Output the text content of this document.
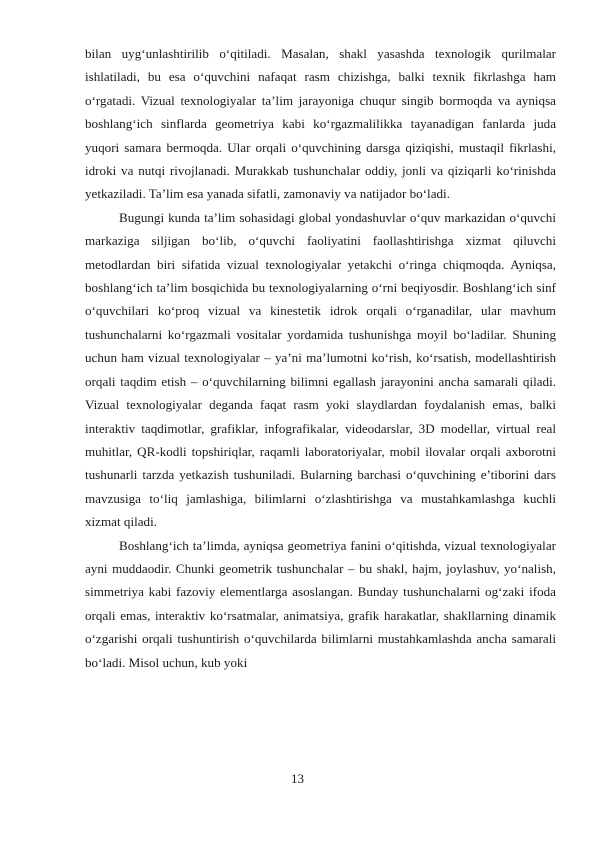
bilan uyg‘unlashtirilib o‘qitiladi. Masalan, shakl yasashda texnologik qurilmalar ishlatiladi, bu esa o‘quvchini nafaqat rasm chizishga, balki texnik fikrlashga ham o‘rgatadi. Vizual texnologiyalar ta’lim jarayoniga chuqur singib bormoqda va ayniqsa boshlang‘ich sinflarda geometriya kabi ko‘rgazmalilikka tayanadigan fanlarda juda yuqori samara bermoqda. Ular orqali o‘quvchining darsga qiziqishi, mustaqil fikrlashi, idroki va nutqi rivojlanadi. Murakkab tushunchalar oddiy, jonli va qiziqarli ko‘rinishda yetkaziladi. Ta’lim esa yanada sifatli, zamonaviy va natijador bo‘ladi.

Bugungi kunda ta’lim sohasidagi global yondashuvlar o‘quv markazidan o‘quvchi markaziga siljigan bo‘lib, o‘quvchi faoliyatini faollashtirishga xizmat qiluvchi metodlardan biri sifatida vizual texnologiyalar yetakchi o‘ringa chiqmoqda. Ayniqsa, boshlang‘ich ta’lim bosqichida bu texnologiyalarning o‘rni beqiyosdir. Boshlang‘ich sinf o‘quvchilari ko‘proq vizual va kinestetik idrok orqali o‘rganadilar, ular mavhum tushunchalarni ko‘rgazmali vositalar yordamida tushunishga moyil bo‘ladilar. Shuning uchun ham vizual texnologiyalar – ya’ni ma’lumotni ko‘rish, ko‘rsatish, modellashtirish orqali taqdim etish – o‘quvchilarning bilimni egallash jarayonini ancha samarali qiladi. Vizual texnologiyalar deganda faqat rasm yoki slaydlardan foydalanish emas, balki interaktiv taqdimotlar, grafiklar, infografikalar, videodarslar, 3D modellar, virtual real muhitlar, QR-kodli topshiriqlar, raqamli laboratoriyalar, mobil ilovalar orqali axborotni tushunarli tarzda yetkazish tushuniladi. Bularning barchasi o‘quvchining e’tiborini dars mavzusiga to‘liq jamlashiga, bilimlarni o‘zlashtirishga va mustahkamlashga kuchli xizmat qiladi.

Boshlang‘ich ta’limda, ayniqsa geometriya fanini o‘qitishda, vizual texnologiyalar ayni muddaodir. Chunki geometrik tushunchalar – bu shakl, hajm, joylashuv, yo‘nalish, simmetriya kabi fazoviy elementlarga asoslangan. Bunday tushunchalarni og‘zaki ifoda orqali emas, interaktiv ko‘rsatmalar, animatsiya, grafik harakatlar, shakllarning dinamik o‘zgarishi orqali tushuntirish o‘quvchilarda bilimlarni mustahkamlashda ancha samarali bo‘ladi. Misol uchun, kub yoki

13
